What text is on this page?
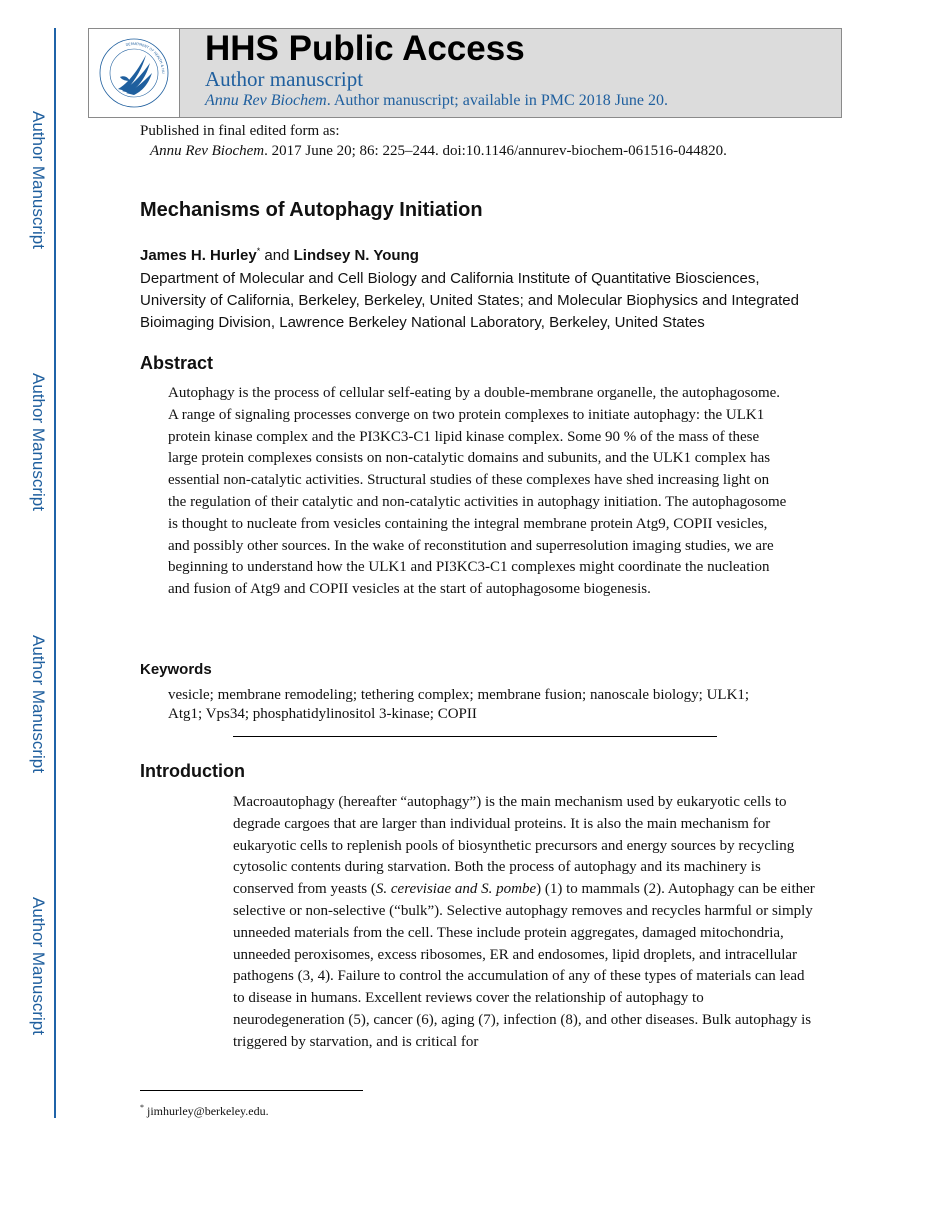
Author Manuscript
Author Manuscript
Author Manuscript
Author Manuscript
DEPARTMENT OF HEALTH & HU
HHS Public Access
Author manuscript
Annu Rev Biochem. Author manuscript; available in PMC 2018 June 20.
Published in final edited form as:
Annu Rev Biochem. 2017 June 20; 86: 225–244. doi:10.1146/annurev-biochem-061516-044820.
Mechanisms of Autophagy Initiation
James H. Hurley* and Lindsey N. Young
Department of Molecular and Cell Biology and California Institute of Quantitative Biosciences, University of California, Berkeley, Berkeley, United States; and Molecular Biophysics and Integrated Bioimaging Division, Lawrence Berkeley National Laboratory, Berkeley, United States
Abstract
Autophagy is the process of cellular self-eating by a double-membrane organelle, the autophagosome. A range of signaling processes converge on two protein complexes to initiate autophagy: the ULK1 protein kinase complex and the PI3KC3-C1 lipid kinase complex. Some 90 % of the mass of these large protein complexes consists on non-catalytic domains and subunits, and the ULK1 complex has essential non-catalytic activities. Structural studies of these complexes have shed increasing light on the regulation of their catalytic and non-catalytic activities in autophagy initiation. The autophagosome is thought to nucleate from vesicles containing the integral membrane protein Atg9, COPII vesicles, and possibly other sources. In the wake of reconstitution and superresolution imaging studies, we are beginning to understand how the ULK1 and PI3KC3-C1 complexes might coordinate the nucleation and fusion of Atg9 and COPII vesicles at the start of autophagosome biogenesis.
Keywords
vesicle; membrane remodeling; tethering complex; membrane fusion; nanoscale biology; ULK1; Atg1; Vps34; phosphatidylinositol 3-kinase; COPII
Introduction
Macroautophagy (hereafter “autophagy”) is the main mechanism used by eukaryotic cells to degrade cargoes that are larger than individual proteins. It is also the main mechanism for eukaryotic cells to replenish pools of biosynthetic precursors and energy sources by recycling cytosolic contents during starvation. Both the process of autophagy and its machinery is conserved from yeasts (S. cerevisiae and S. pombe) (1) to mammals (2). Autophagy can be either selective or non-selective (“bulk”). Selective autophagy removes and recycles harmful or simply unneeded materials from the cell. These include protein aggregates, damaged mitochondria, unneeded peroxisomes, excess ribosomes, ER and endosomes, lipid droplets, and intracellular pathogens (3, 4). Failure to control the accumulation of any of these types of materials can lead to disease in humans. Excellent reviews cover the relationship of autophagy to neurodegeneration (5), cancer (6), aging (7), infection (8), and other diseases. Bulk autophagy is triggered by starvation, and is critical for
* jimhurley@berkeley.edu.
